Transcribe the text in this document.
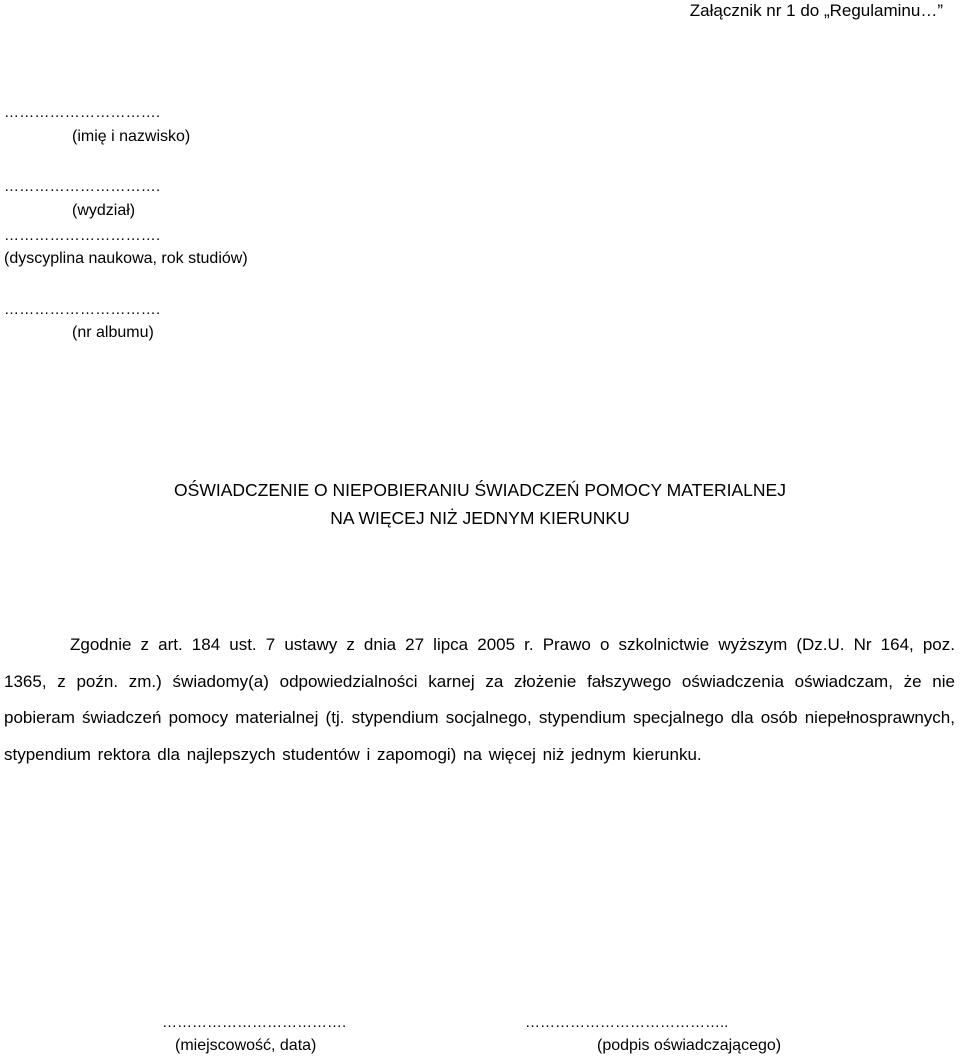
Załącznik nr 1 do „Regulaminu…”
………………………….
(imię i nazwisko)
………………………….
(wydział)
………………………….
(dyscyplina naukowa, rok studiów)
………………………….
(nr albumu)
OŚWIADCZENIE O NIEPOBIERANIU ŚWIADCZEŃ POMOCY MATERIALNEJ
NA WIĘCEJ NIŻ JEDNYM KIERUNKU
Zgodnie z art. 184 ust. 7 ustawy z dnia 27 lipca 2005 r. Prawo o szkolnictwie wyższym (Dz.U. Nr 164, poz. 1365, z poźn. zm.) świadomy(a) odpowiedzialności karnej za złożenie fałszywego oświadczenia oświadczam, że nie pobieram świadczeń pomocy materialnej (tj. stypendium socjalnego, stypendium specjalnego dla osób niepełnosprawnych, stypendium rektora dla najlepszych studentów i zapomogi) na więcej niż jednym kierunku.
……………………………….
(miejscowość, data)
…………………………………..
(podpis oświadczającego)
